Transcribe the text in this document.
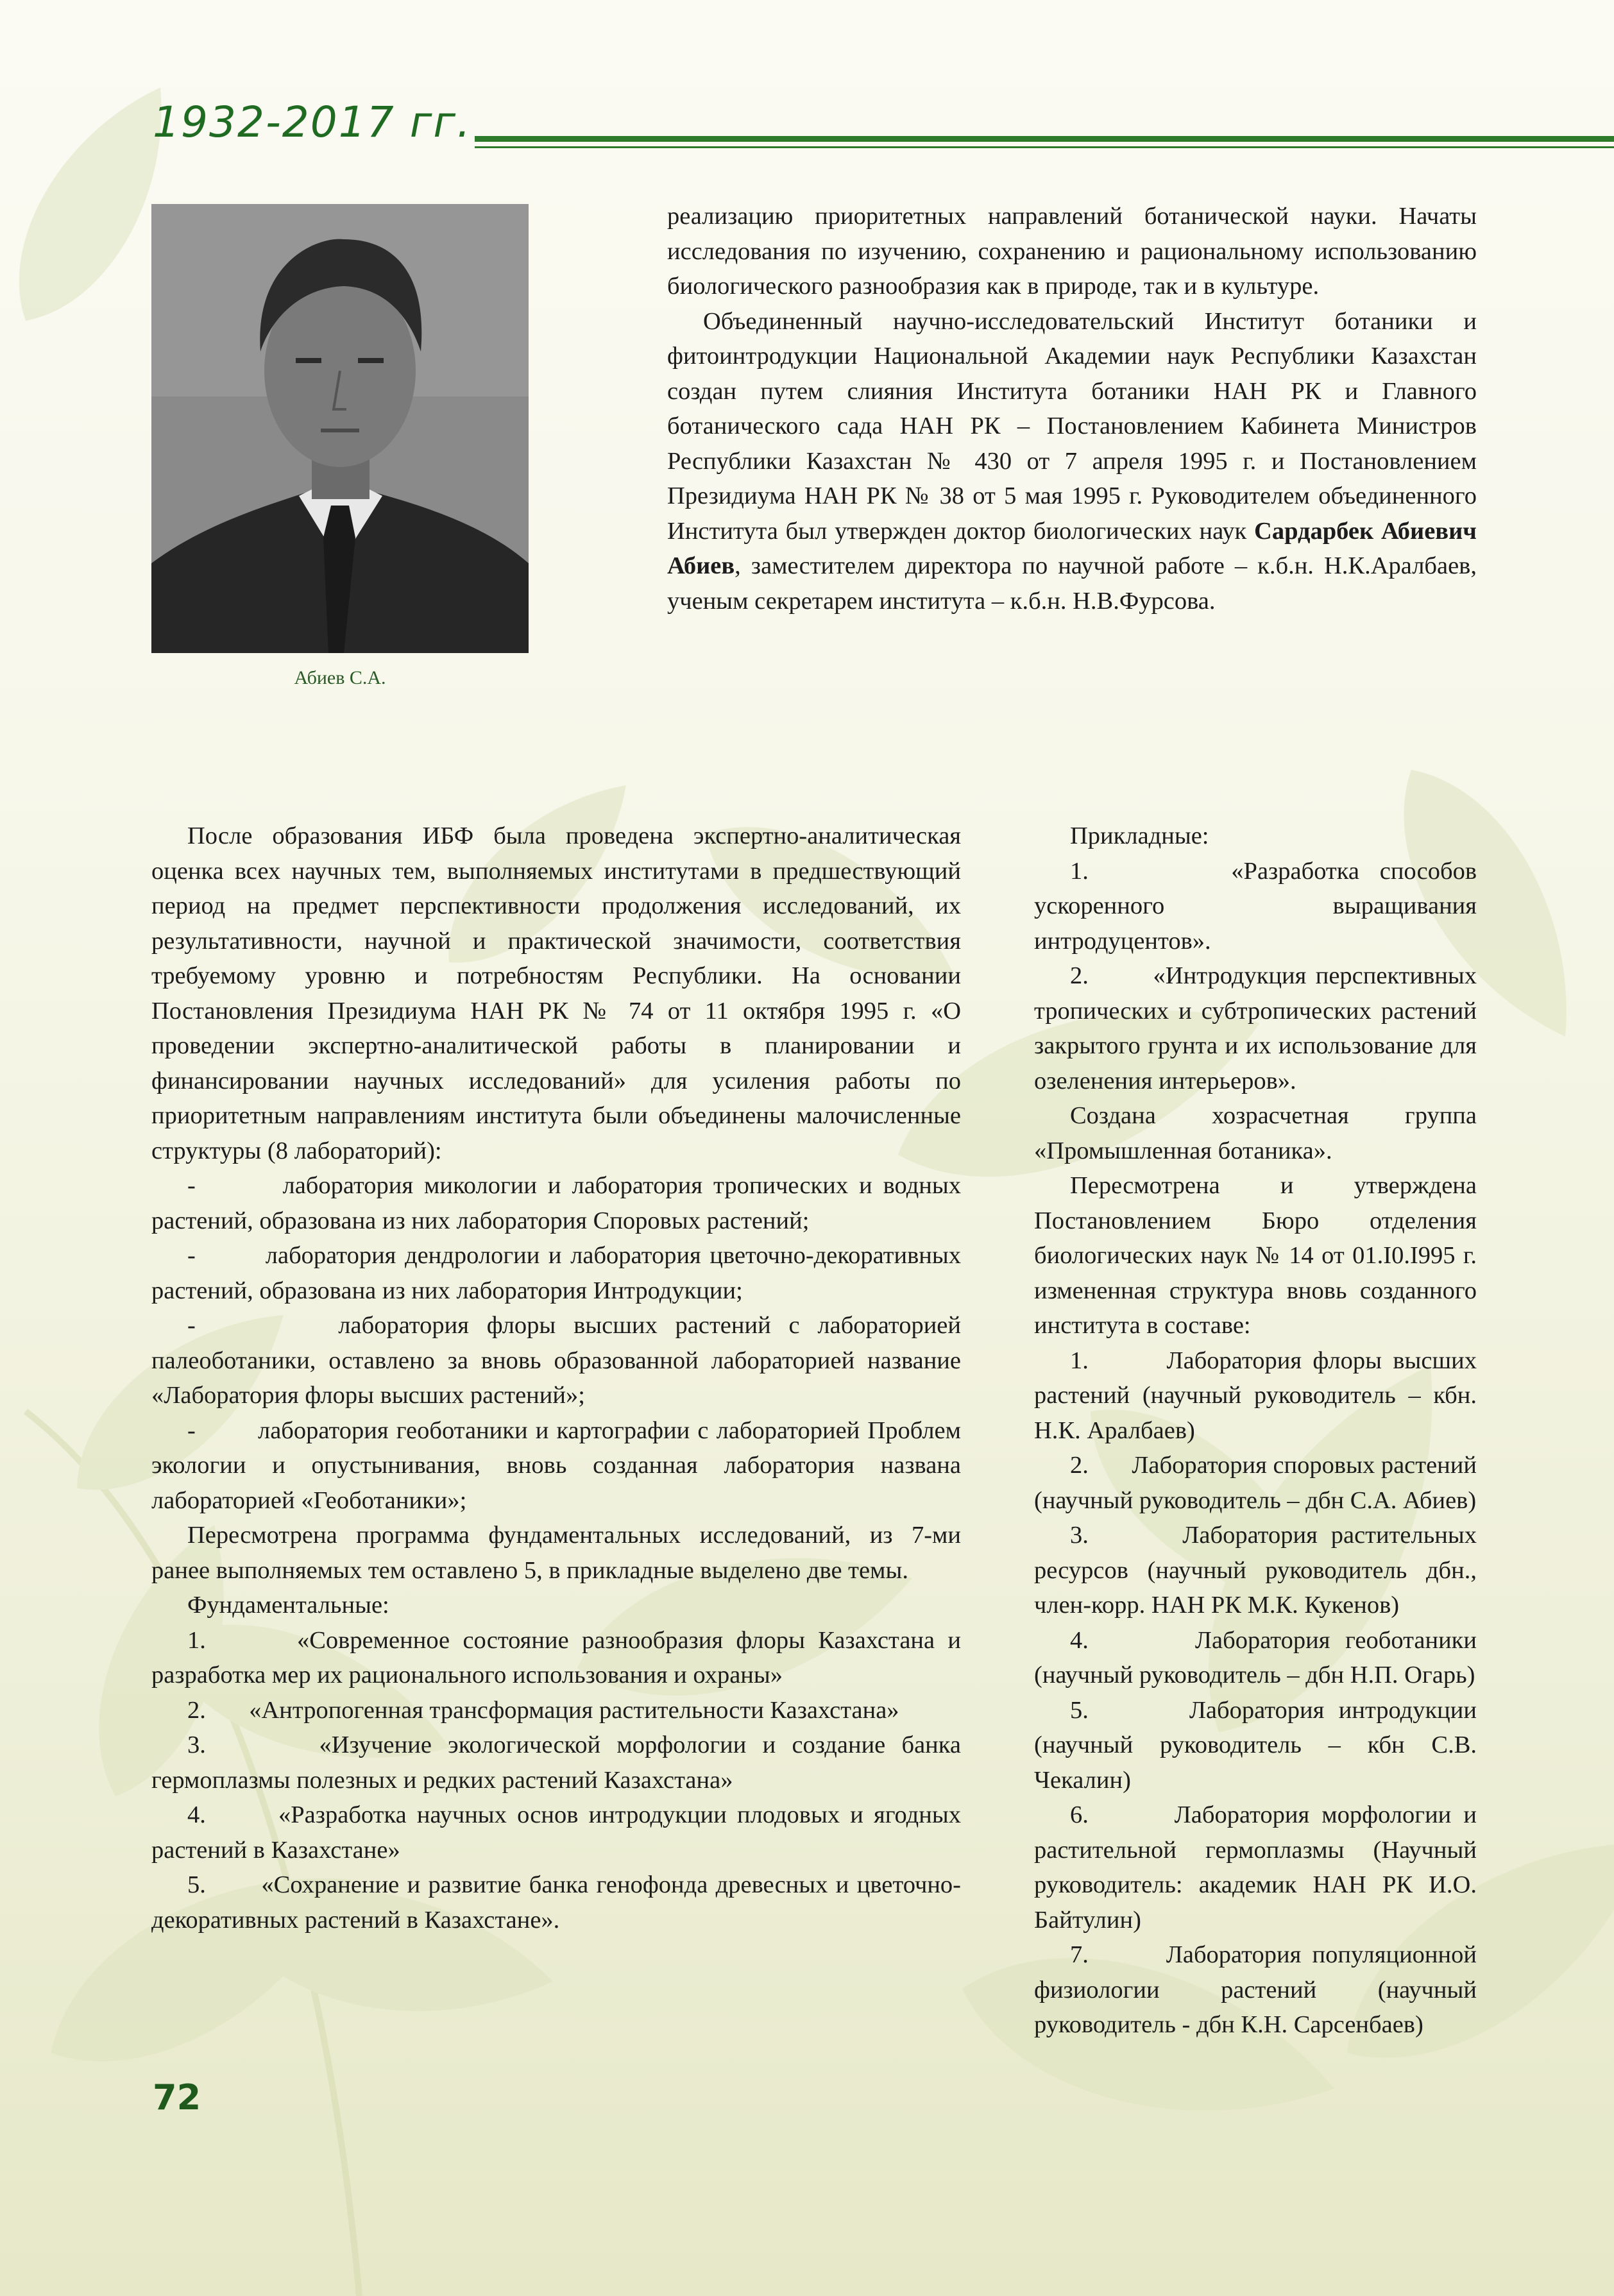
1932-2017 гг.
Абиев С.А.

реализацию приоритетных направлений ботанической науки. Начаты исследования по изучению, сохранению и рациональному использованию биологического разнообразия как в природе, так и в культуре.

Объединенный научно-исследовательский Институт ботаники и фитоинтродукции Национальной Академии наук Республики Казахстан создан путем слияния Института ботаники НАН РК и Главного ботанического сада НАН РК – Постановлением Кабинета Министров Республики Казахстан № 430 от 7 апреля 1995 г. и Постановлением Президиума НАН РК № 38 от 5 мая 1995 г. Руководителем объединенного Института был утвержден доктор биологических наук Сардарбек Абиевич Абиев, заместителем директора по научной работе – к.б.н. Н.К.Аралбаев, ученым секретарем института – к.б.н. Н.В.Фурсова.

После образования ИБФ была проведена экспертно-аналитическая оценка всех научных тем, выполняемых институтами в предшествующий период на предмет перспективности продолжения исследований, их результативности, научной и практической значимости, соответствия требуемому уровню и потребностям Республики. На основании Постановления Президиума НАН РК № 74 от 11 октября 1995 г. «О проведении экспертно-аналитической работы в планировании и финансировании научных исследований» для усиления работы по приоритетным направлениям института были объединены малочисленные структуры (8 лабораторий):

-        лаборатория микологии и лаборатория тропических и водных растений, образована из них лаборатория Споровых растений;

-        лаборатория дендрологии и лаборатория цветочно-декоративных растений, образована из них лаборатория Интродукции;

-        лаборатория флоры высших растений с лабораторией палеоботаники, оставлено за вновь образованной лабораторией название «Лаборатория флоры высших растений»;

-        лаборатория геоботаники и картографии с лабораторией Проблем экологии и опустынивания, вновь созданная лаборатория названа лабораторией «Геоботаники»;

Пересмотрена программа фундаментальных исследований, из 7-ми ранее выполняемых тем оставлено 5, в прикладные выделено две темы.

Фундаментальные:

1.       «Современное состояние разнообразия флоры Казахстана и разработка мер их рационального использования и охраны»

2.       «Антропогенная трансформация растительности Казахстана»

3.       «Изучение экологической морфологии и создание банка гермоплазмы полезных и редких растений Казахстана»

4.       «Разработка научных основ интродукции плодовых и ягодных растений в Казахстане»

5.       «Сохранение и развитие банка генофонда древесных и цветочно-декоративных растений в Казахстане».

Прикладные:

1.       «Разработка способов ускоренного выращивания интродуцентов».

2.       «Интродукция перспективных тропических и субтропических растений закрытого грунта и их использование для озеленения интерьеров».

Создана хозрасчетная группа «Промышленная ботаника».

Пересмотрена и утверждена Постановлением Бюро отделения биологических наук № 14 от 01.I0.I995 г. измененная структура вновь созданного института в составе:

1.       Лаборатория флоры высших растений (научный руководитель – кбн. Н.К. Аралбаев)

2.       Лаборатория споровых растений (научный руководитель – дбн С.А. Абиев)

3.       Лаборатория растительных ресурсов (научный руководитель дбн., член-корр. НАН РК М.К. Кукенов)

4.       Лаборатория геоботаники (научный руководитель – дбн Н.П. Огарь)

5.       Лаборатория интродукции (научный руководитель – кбн С.В. Чекалин)

6.       Лаборатория морфологии и растительной гермоплазмы (Научный руководитель: академик НАН РК И.О. Байтулин)

7.       Лаборатория популяционной физиологии растений (научный руководитель - дбн К.Н. Сарсенбаев)

72
